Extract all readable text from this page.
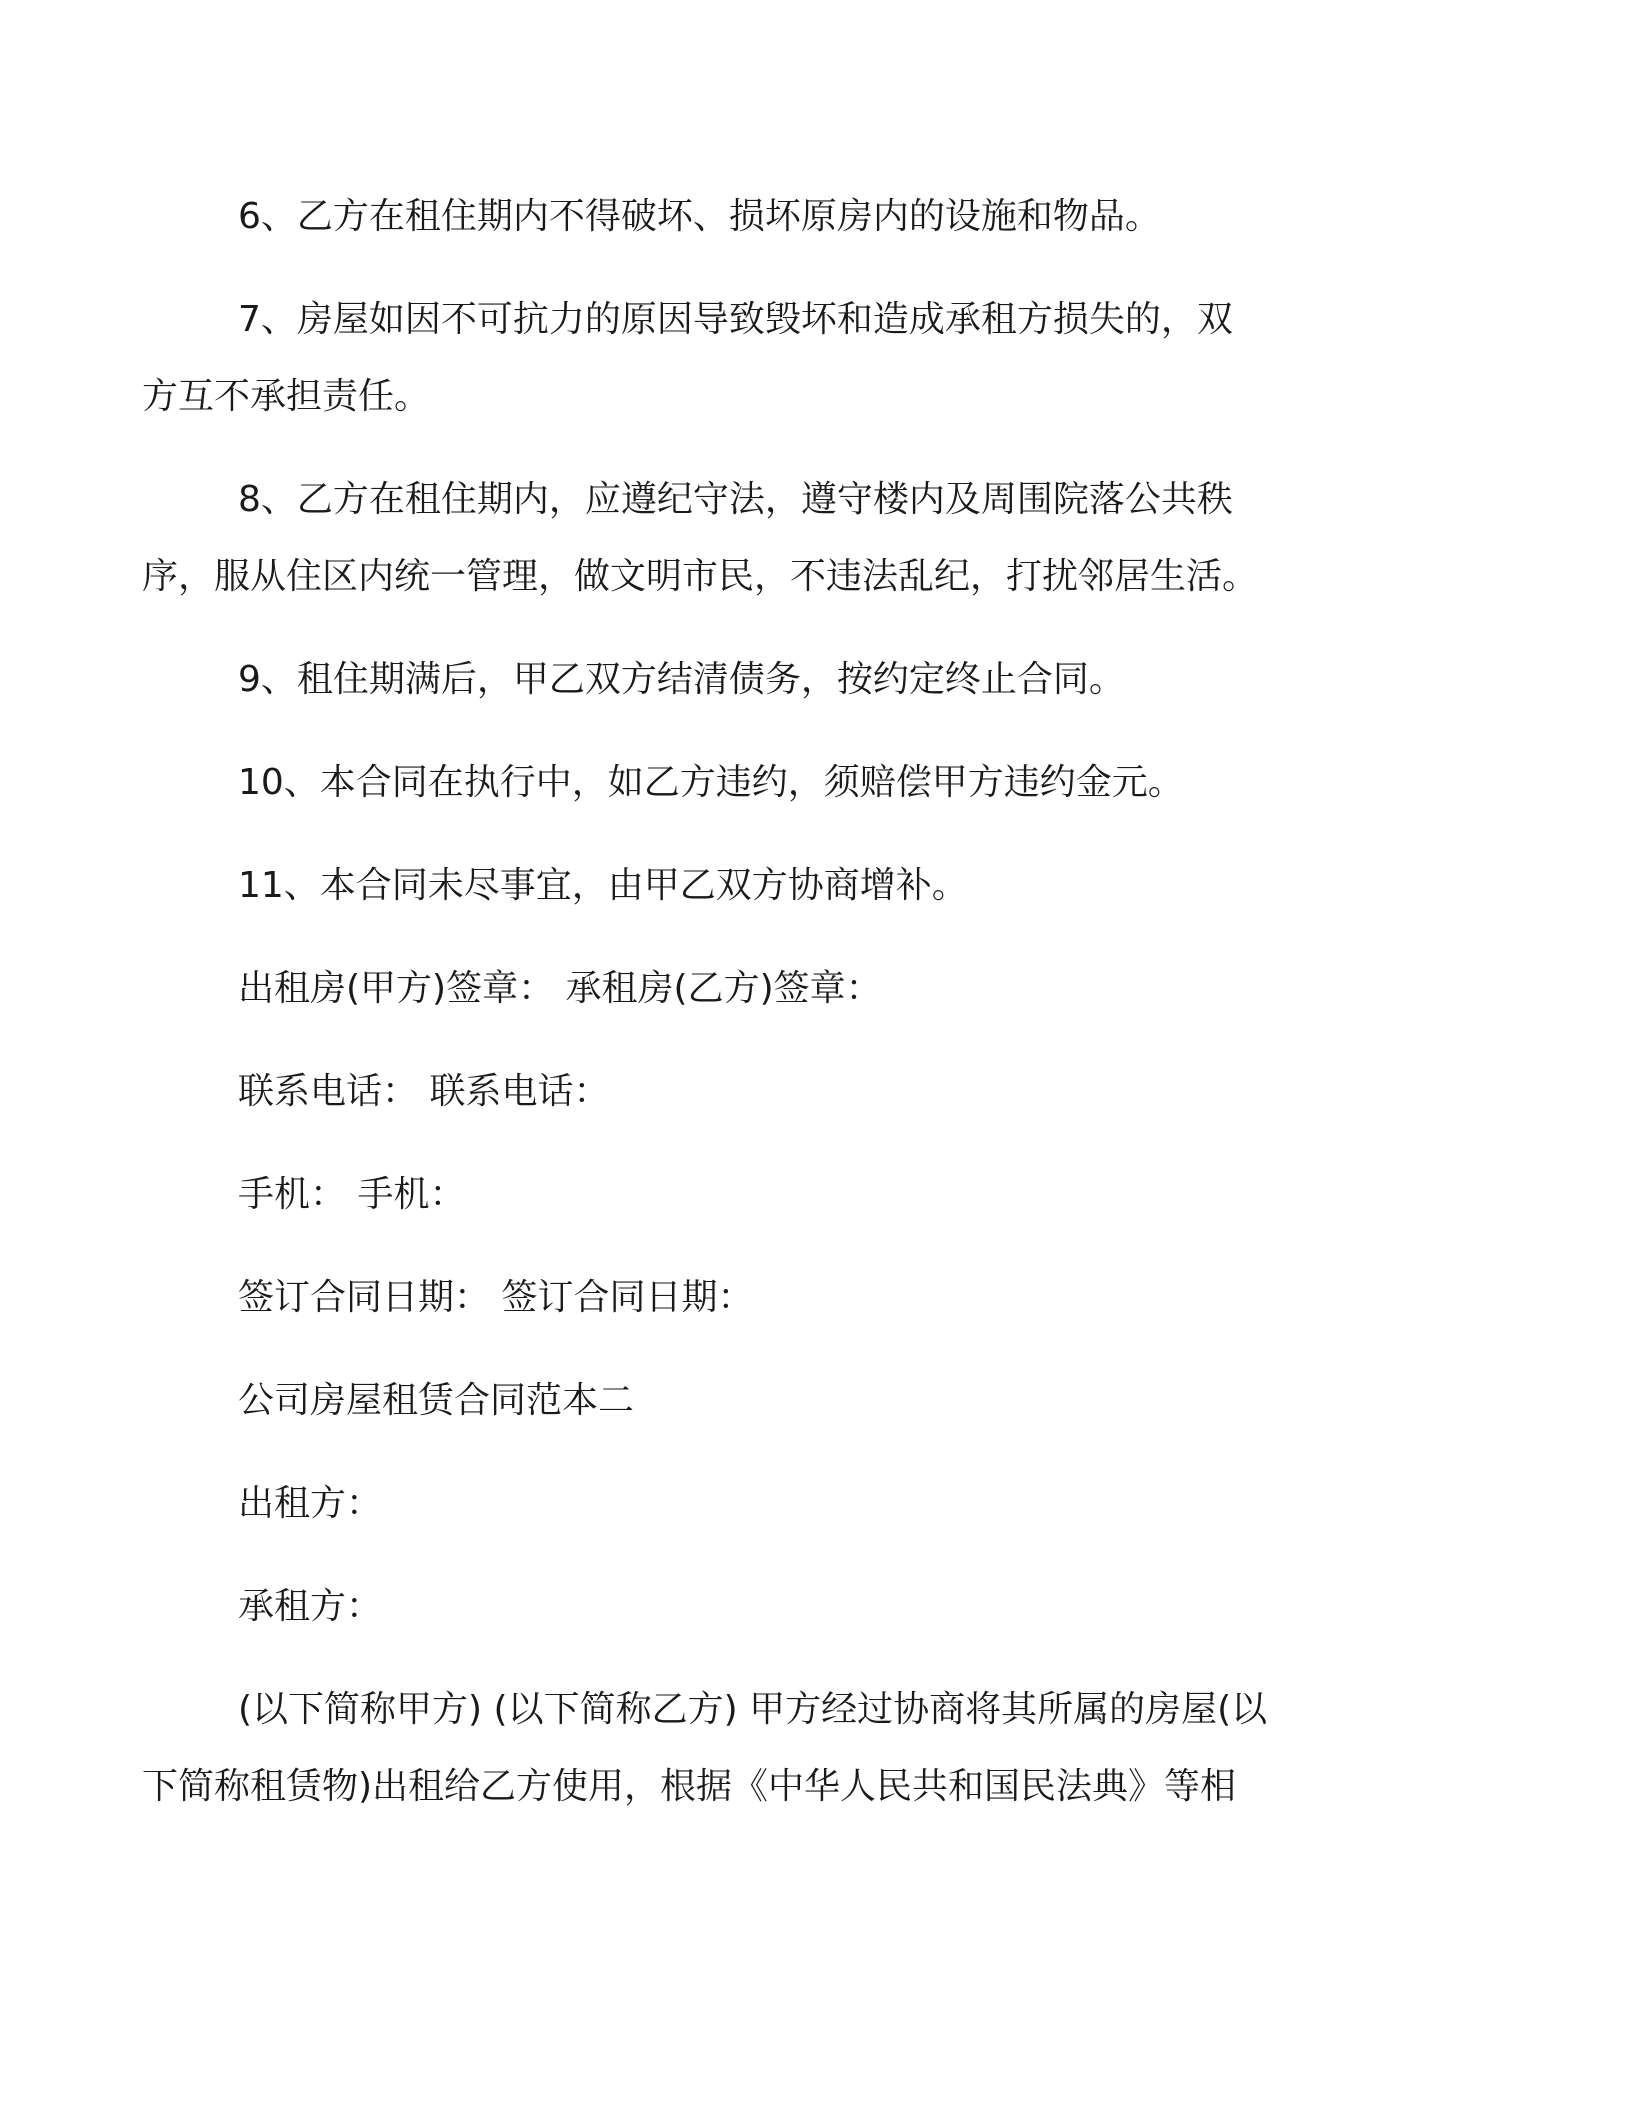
6、乙方在租住期内不得破坏、损坏原房内的设施和物品。

7、房屋如因不可抗力的原因导致毁坏和造成承租方损失的，双
方互不承担责任。

8、乙方在租住期内，应遵纪守法，遵守楼内及周围院落公共秩
序，服从住区内统一管理，做文明市民，不违法乱纪，打扰邻居生活。

9、租住期满后，甲乙双方结清债务，按约定终止合同。

10、本合同在执行中，如乙方违约，须赔偿甲方违约金元。

11、本合同未尽事宜，由甲乙双方协商增补。

出租房(甲方)签章： 承租房(乙方)签章：

联系电话： 联系电话：

手机： 手机：

签订合同日期： 签订合同日期：

公司房屋租赁合同范本二

出租方：

承租方：

(以下简称甲方) (以下简称乙方) 甲方经过协商将其所属的房屋(以
下简称租赁物)出租给乙方使用，根据《中华人民共和国民法典》等相
